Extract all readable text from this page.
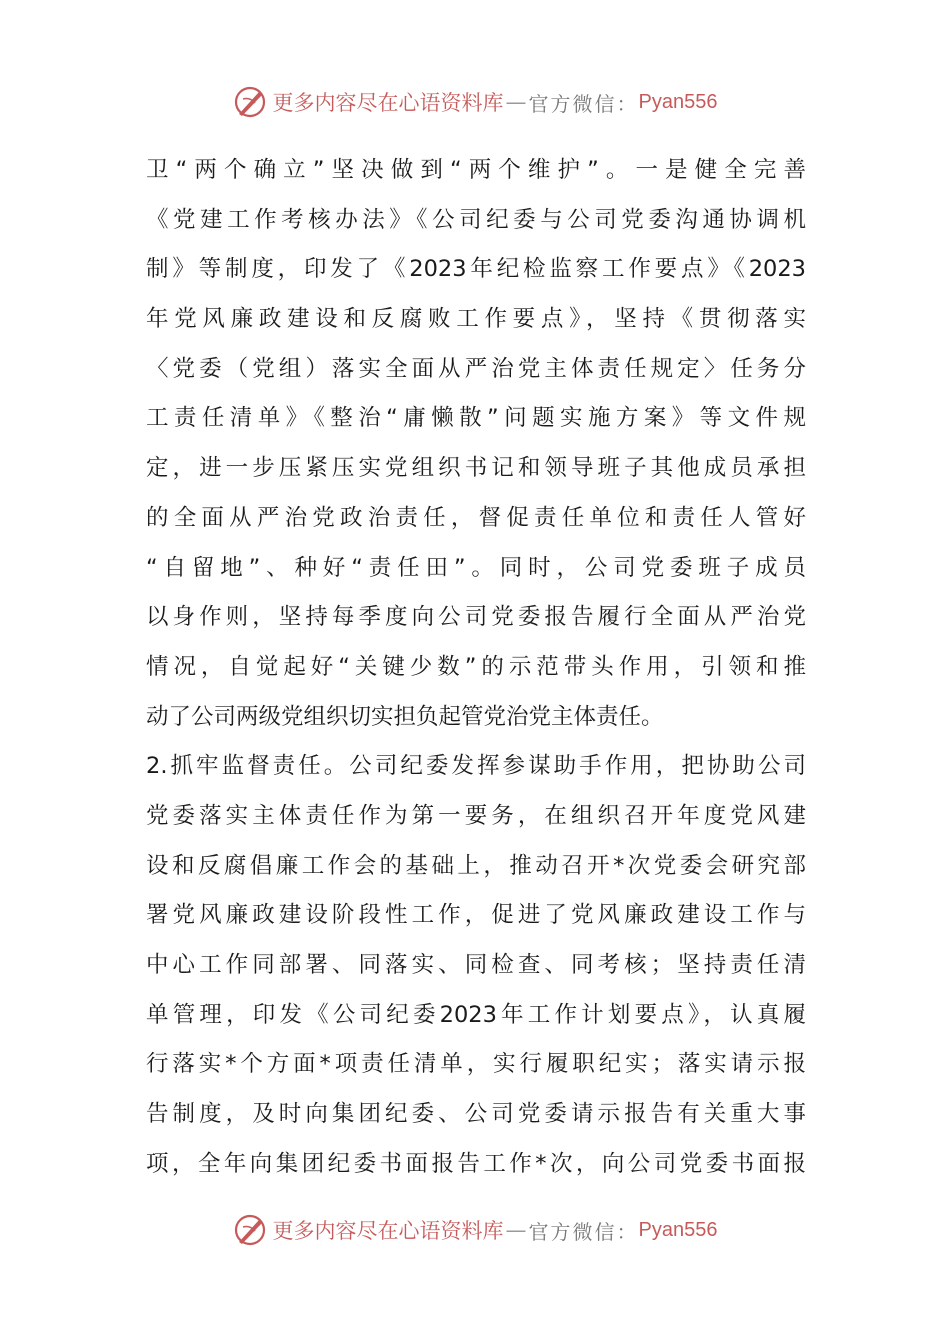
更多内容尽在心语资料库 — 官方微信： Pyan556
卫“两个确立”坚决做到“两个维护”。一是健全完善
《党建工作考核办法》《公司纪委与公司党委沟通协调机
制》等制度，印发了《2023年纪检监察工作要点》《2023
年党风廉政建设和反腐败工作要点》，坚持《贯彻落实
〈党委（党组）落实全面从严治党主体责任规定〉任务分
工责任清单》《整治“庸懒散”问题实施方案》等文件规
定，进一步压紧压实党组织书记和领导班子其他成员承担
的全面从严治党政治责任，督促责任单位和责任人管好
“自留地”、种好“责任田”。同时，公司党委班子成员
以身作则，坚持每季度向公司党委报告履行全面从严治党
情况，自觉起好“关键少数”的示范带头作用，引领和推
动了公司两级党组织切实担负起管党治党主体责任。
2.抓牢监督责任。公司纪委发挥参谋助手作用，把协助公司
党委落实主体责任作为第一要务，在组织召开年度党风建
设和反腐倡廉工作会的基础上，推动召开*次党委会研究部
署党风廉政建设阶段性工作，促进了党风廉政建设工作与
中心工作同部署、同落实、同检查、同考核；坚持责任清
单管理，印发《公司纪委2023年工作计划要点》，认真履
行落实*个方面*项责任清单，实行履职纪实；落实请示报
告制度，及时向集团纪委、公司党委请示报告有关重大事
项，全年向集团纪委书面报告工作*次，向公司党委书面报
更多内容尽在心语资料库 — 官方微信： Pyan556
